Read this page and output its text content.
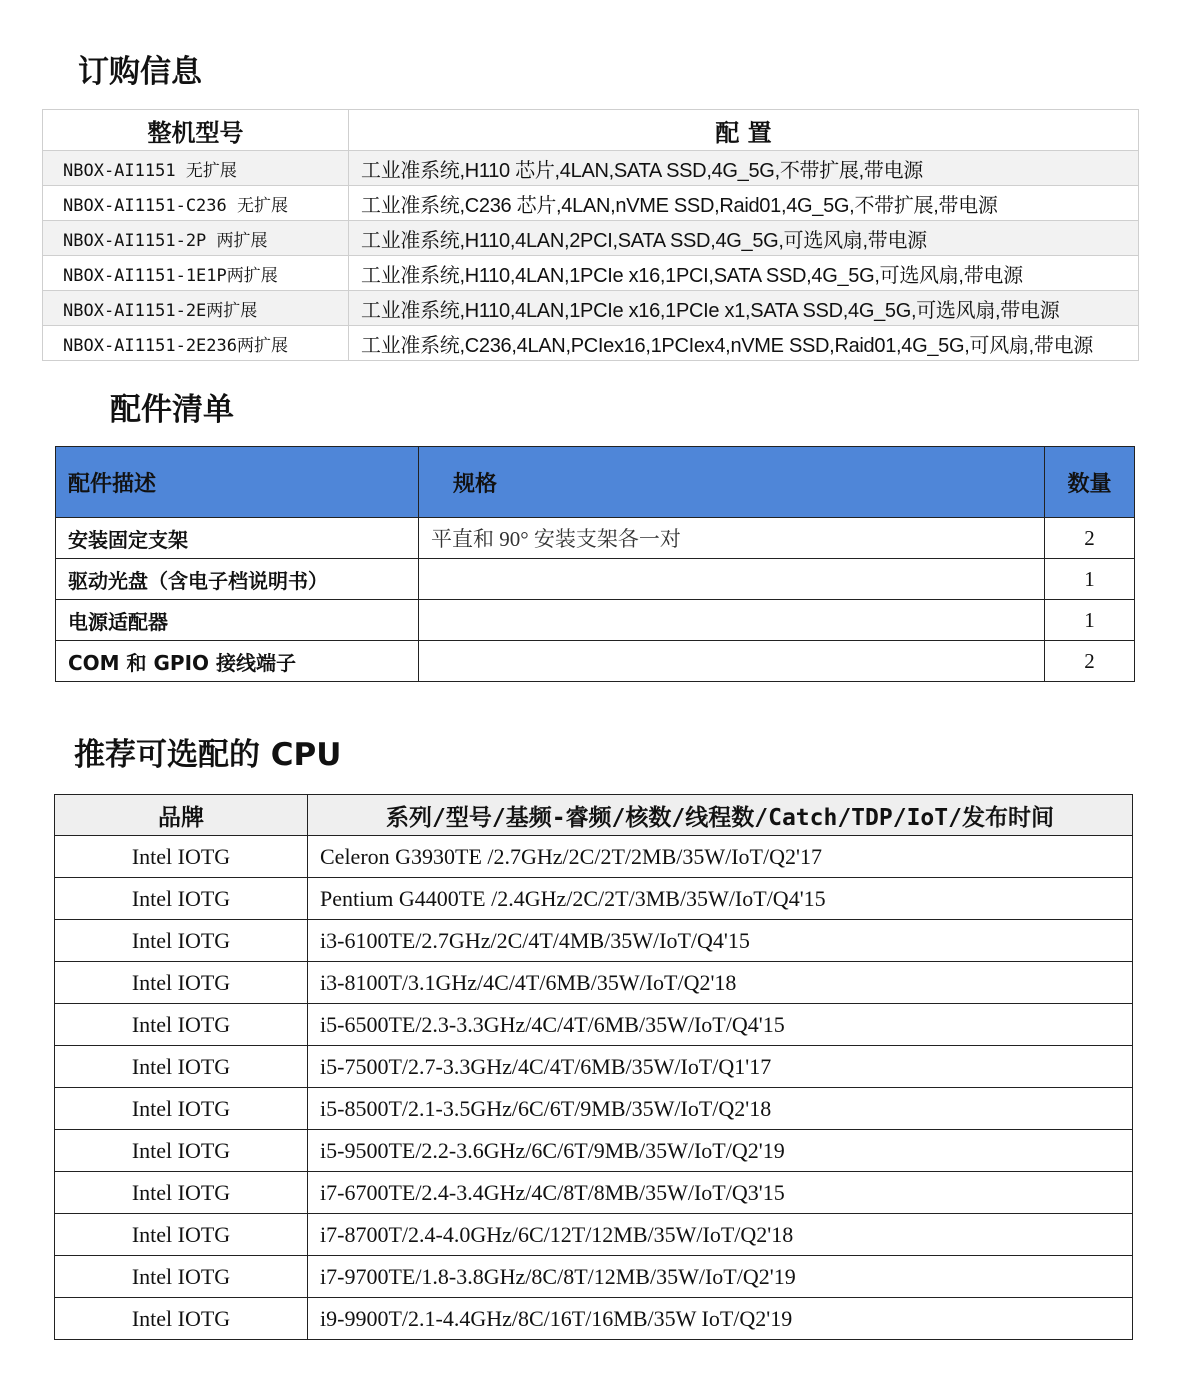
订购信息
整机型号	配 置
NBOX-AI1151 无扩展	工业准系统,H110 芯片,4LAN,SATA SSD,4G_5G,不带扩展,带电源
NBOX-AI1151-C236 无扩展	工业准系统,C236 芯片,4LAN,nVME SSD,Raid01,4G_5G,不带扩展,带电源
NBOX-AI1151-2P 两扩展	工业准系统,H110,4LAN,2PCI,SATA SSD,4G_5G,可选风扇,带电源
NBOX-AI1151-1E1P两扩展	工业准系统,H110,4LAN,1PCIe x16,1PCI,SATA SSD,4G_5G,可选风扇,带电源
NBOX-AI1151-2E两扩展	工业准系统,H110,4LAN,1PCIe x16,1PCIe x1,SATA SSD,4G_5G,可选风扇,带电源
NBOX-AI1151-2E236两扩展	工业准系统,C236,4LAN,PCIex16,1PCIex4,nVME SSD,Raid01,4G_5G,可风扇,带电源
配件清单
配件描述	规格	数量
安装固定支架	平直和 90° 安装支架各一对	2
驱动光盘（含电子档说明书）		1
电源适配器		1
COM 和 GPIO 接线端子		2
推荐可选配的 CPU
品牌	系列/型号/基频-睿频/核数/线程数/Catch/TDP/IoT/发布时间
Intel IOTG	Celeron G3930TE /2.7GHz/2C/2T/2MB/35W/IoT/Q2'17
Intel IOTG	Pentium G4400TE /2.4GHz/2C/2T/3MB/35W/IoT/Q4'15
Intel IOTG	i3-6100TE/2.7GHz/2C/4T/4MB/35W/IoT/Q4'15
Intel IOTG	i3-8100T/3.1GHz/4C/4T/6MB/35W/IoT/Q2'18
Intel IOTG	i5-6500TE/2.3-3.3GHz/4C/4T/6MB/35W/IoT/Q4'15
Intel IOTG	i5-7500T/2.7-3.3GHz/4C/4T/6MB/35W/IoT/Q1'17
Intel IOTG	i5-8500T/2.1-3.5GHz/6C/6T/9MB/35W/IoT/Q2'18
Intel IOTG	i5-9500TE/2.2-3.6GHz/6C/6T/9MB/35W/IoT/Q2'19
Intel IOTG	i7-6700TE/2.4-3.4GHz/4C/8T/8MB/35W/IoT/Q3'15
Intel IOTG	i7-8700T/2.4-4.0GHz/6C/12T/12MB/35W/IoT/Q2'18
Intel IOTG	i7-9700TE/1.8-3.8GHz/8C/8T/12MB/35W/IoT/Q2'19
Intel IOTG	i9-9900T/2.1-4.4GHz/8C/16T/16MB/35W IoT/Q2'19
